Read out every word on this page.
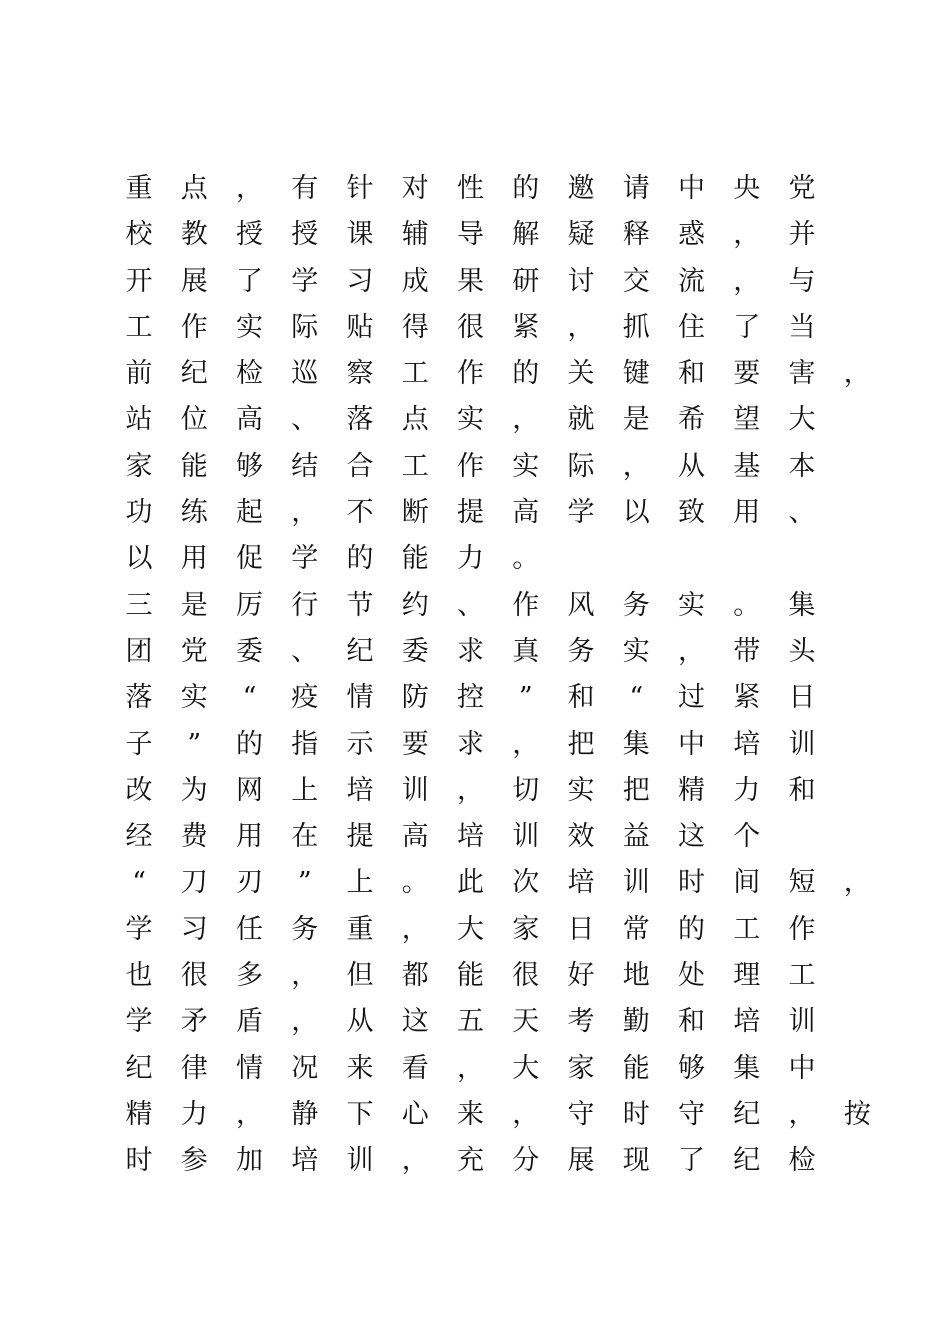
重 点 ， 有 针 对 性 的 邀 请 中 央 党
校 教 授 授 课 辅 导 解 疑 释 惑 ， 并
开 展 了 学 习 成 果 研 讨 交 流 ， 与
工 作 实 际 贴 得 很 紧 ， 抓 住 了 当
前 纪 检 巡 察 工 作 的 关 键 和 要 害 ，
站 位 高 、 落 点 实 ， 就 是 希 望 大
家 能 够 结 合 工 作 实 际 ， 从 基 本
功 练 起 ， 不 断 提 高 学 以 致 用 、
以 用 促 学 的 能 力 。
三 是 厉 行 节 约 、 作 风 务 实 。 集
团 党 委 、 纪 委 求 真 务 实 ， 带 头
落 实 “ 疫 情 防 控 ” 和 “ 过 紧 日
子 ” 的 指 示 要 求 ， 把 集 中 培 训
改 为 网 上 培 训 ， 切 实 把 精 力 和
经 费 用 在 提 高 培 训 效 益 这 个
“ 刀 刃 ” 上 。 此 次 培 训 时 间 短 ，
学 习 任 务 重 ， 大 家 日 常 的 工 作
也 很 多 ， 但 都 能 很 好 地 处 理 工
学 矛 盾 ， 从 这 五 天 考 勤 和 培 训
纪 律 情 况 来 看 ， 大 家 能 够 集 中
精 力 ， 静 下 心 来 ， 守 时 守 纪 ， 按
时 参 加 培 训 ， 充 分 展 现 了 纪 检
